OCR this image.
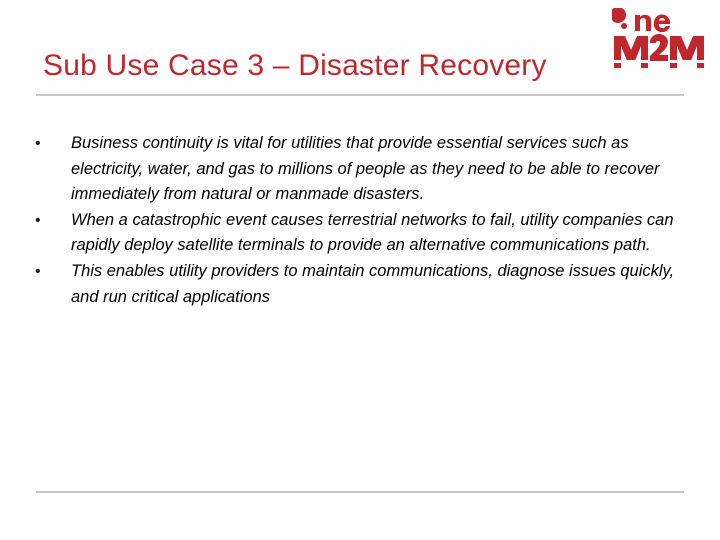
Sub Use Case 3 – Disaster Recovery
• Business continuity is vital for utilities that provide essential services such as electricity, water, and gas to millions of people as they need to be able to recover immediately from natural or manmade disasters.
• When a catastrophic event causes terrestrial networks to fail, utility companies can rapidly deploy satellite terminals to provide an alternative communications path.
• This enables utility providers to maintain communications, diagnose issues quickly, and run critical applications
